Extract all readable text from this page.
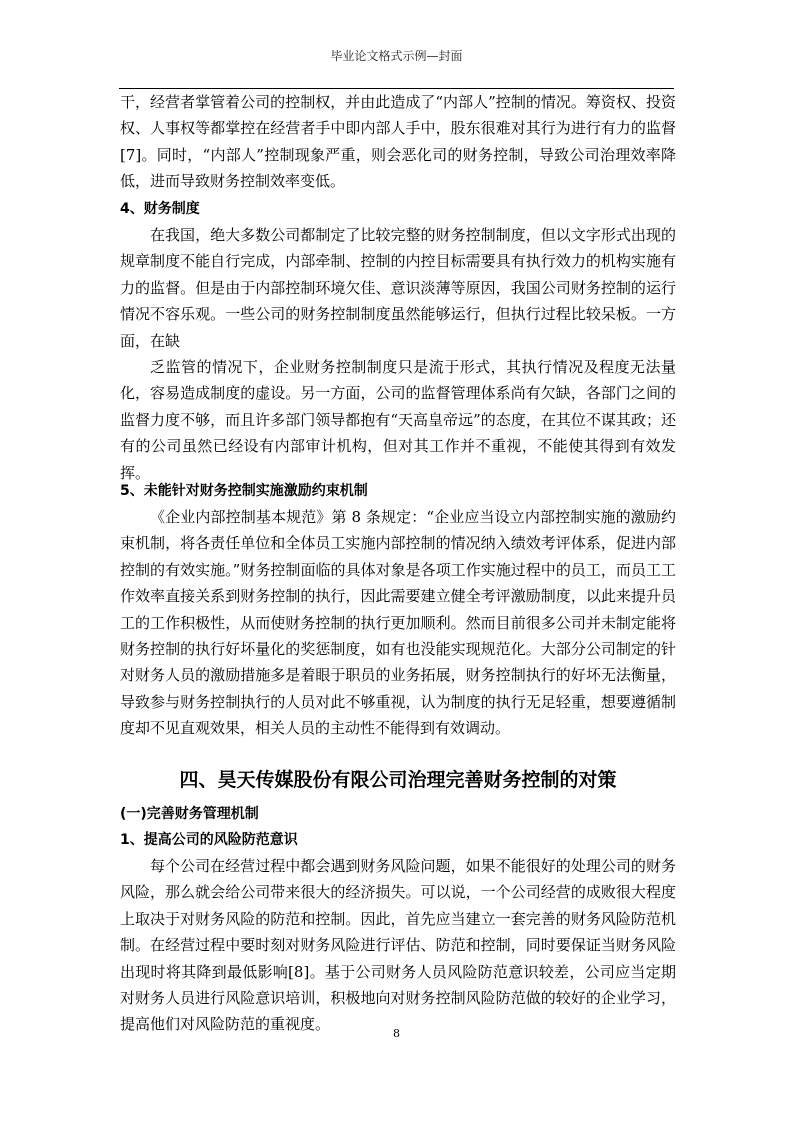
毕业论文格式示例—封面

干，经营者掌管着公司的控制权，并由此造成了“内部人”控制的情况。筹资权、投资权、人事权等都掌控在经营者手中即内部人手中，股东很难对其行为进行有力的监督[7]。同时，“内部人”控制现象严重，则会恶化司的财务控制，导致公司治理效率降低，进而导致财务控制效率变低。

4、财务制度

在我国，绝大多数公司都制定了比较完整的财务控制制度，但以文字形式出现的规章制度不能自行完成，内部牵制、控制的内控目标需要具有执行效力的机构实施有力的监督。但是由于内部控制环境欠佳、意识淡薄等原因，我国公司财务控制的运行情况不容乐观。一些公司的财务控制制度虽然能够运行，但执行过程比较呆板。一方面，在缺

乏监管的情况下，企业财务控制制度只是流于形式，其执行情况及程度无法量化，容易造成制度的虚设。另一方面，公司的监督管理体系尚有欠缺，各部门之间的监督力度不够，而且许多部门领导都抱有“天高皇帝远”的态度，在其位不谋其政；还有的公司虽然已经设有内部审计机构，但对其工作并不重视，不能使其得到有效发挥。

5、未能针对财务控制实施激励约束机制

《企业内部控制基本规范》第 8 条规定：“企业应当设立内部控制实施的激励约束机制，将各责任单位和全体员工实施内部控制的情况纳入绩效考评体系，促进内部控制的有效实施。”财务控制面临的具体对象是各项工作实施过程中的员工，而员工工作效率直接关系到财务控制的执行，因此需要建立健全考评激励制度，以此来提升员工的工作积极性，从而使财务控制的执行更加顺利。然而目前很多公司并未制定能将财务控制的执行好坏量化的奖惩制度，如有也没能实现规范化。大部分公司制定的针对财务人员的激励措施多是着眼于职员的业务拓展，财务控制执行的好坏无法衡量，导致参与财务控制执行的人员对此不够重视，认为制度的执行无足轻重，想要遵循制度却不见直观效果，相关人员的主动性不能得到有效调动。

四、昊天传媒股份有限公司治理完善财务控制的对策

(一)完善财务管理机制

1、提高公司的风险防范意识

每个公司在经营过程中都会遇到财务风险问题，如果不能很好的处理公司的财务风险，那么就会给公司带来很大的经济损失。可以说，一个公司经营的成败很大程度上取决于对财务风险的防范和控制。因此，首先应当建立一套完善的财务风险防范机制。在经营过程中要时刻对财务风险进行评估、防范和控制，同时要保证当财务风险出现时将其降到最低影响[8]。基于公司财务人员风险防范意识较差，公司应当定期对财务人员进行风险意识培训，积极地向对财务控制风险防范做的较好的企业学习，提高他们对风险防范的重视度。

8
